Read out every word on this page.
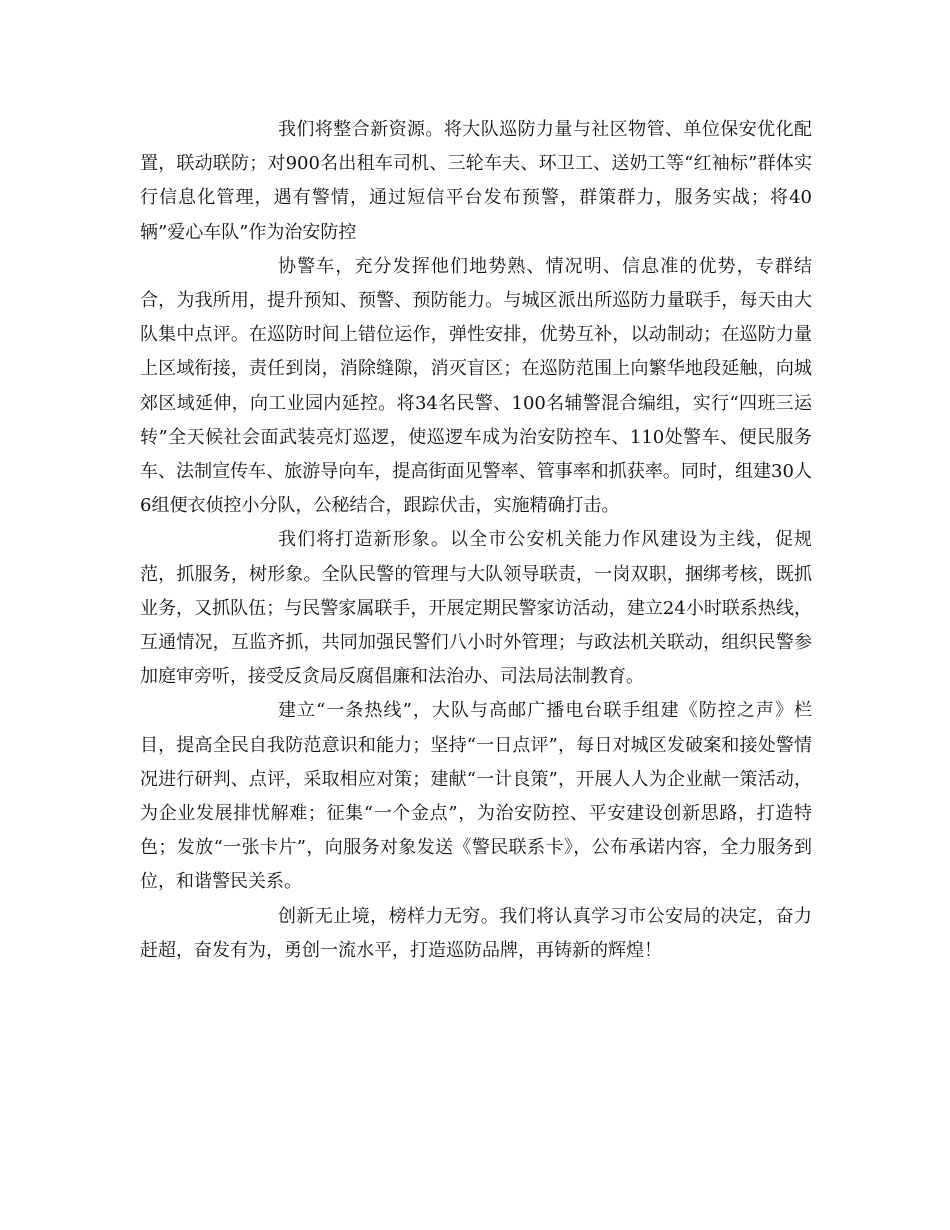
我们将整合新资源。将大队巡防力量与社区物管、单位保安优化配置，联动联防；对900名出租车司机、三轮车夫、环卫工、送奶工等“红袖标”群体实行信息化管理，遇有警情，通过短信平台发布预警，群策群力，服务实战；将40辆”爱心车队”作为治安防控

协警车，充分发挥他们地势熟、情况明、信息准的优势，专群结合，为我所用，提升预知、预警、预防能力。与城区派出所巡防力量联手，每天由大队集中点评。在巡防时间上错位运作，弹性安排，优势互补，以动制动；在巡防力量上区域衔接，责任到岗，消除缝隙，消灭盲区；在巡防范围上向繁华地段延触，向城郊区域延伸，向工业园内延控。将34名民警、100名辅警混合编组，实行“四班三运转”全天候社会面武装亮灯巡逻，使巡逻车成为治安防控车、110处警车、便民服务车、法制宣传车、旅游导向车，提高街面见警率、管事率和抓获率。同时，组建30人6组便衣侦控小分队，公秘结合，跟踪伏击，实施精确打击。

我们将打造新形象。以全市公安机关能力作风建设为主线，促规范，抓服务，树形象。全队民警的管理与大队领导联责，一岗双职，捆绑考核，既抓业务，又抓队伍；与民警家属联手，开展定期民警家访活动，建立24小时联系热线，互通情况，互监齐抓，共同加强民警们八小时外管理；与政法机关联动，组织民警参加庭审旁听，接受反贪局反腐倡廉和法治办、司法局法制教育。

建立“一条热线”，大队与高邮广播电台联手组建《防控之声》栏目，提高全民自我防范意识和能力；坚持“一日点评”，每日对城区发破案和接处警情况进行研判、点评，采取相应对策；建献“一计良策”，开展人人为企业献一策活动，为企业发展排忧解难；征集“一个金点”，为治安防控、平安建设创新思路，打造特色；发放“一张卡片”，向服务对象发送《警民联系卡》，公布承诺内容，全力服务到位，和谐警民关系。

创新无止境，榜样力无穷。我们将认真学习市公安局的决定，奋力赶超，奋发有为，勇创一流水平，打造巡防品牌，再铸新的辉煌！
